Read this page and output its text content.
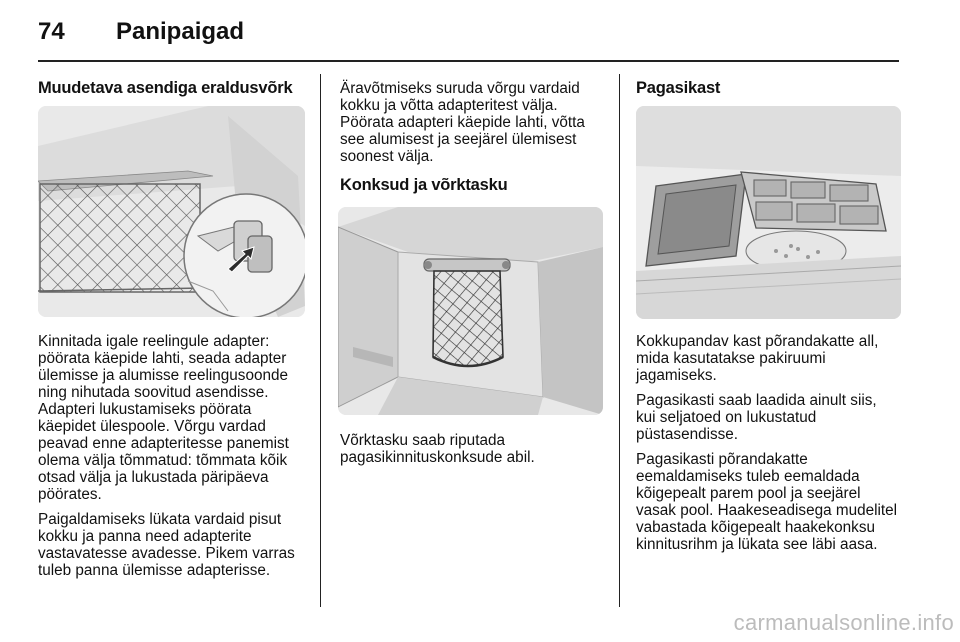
74 Panipaigad
Muudetava asendiga eraldusvõrk

Kinnitada igale reelingule adapter: pöörata käepide lahti, seada adapter ülemisse ja alumisse reelingusoonde ning nihutada soovitud asendisse. Adapteri lukustamiseks pöörata käepidet ülespoole. Võrgu vardad peavad enne adapteritesse panemist olema välja tõmmatud: tõmmata kõik otsad välja ja lukustada päripäeva pöörates.

Paigaldamiseks lükata vardaid pisut kokku ja panna need adapterite vastavatesse avadesse. Pikem varras tuleb panna ülemisse adapterisse.

Äravõtmiseks suruda võrgu vardaid kokku ja võtta adapteritest välja. Pöörata adapteri käepide lahti, võtta see alumisest ja seejärel ülemisest soonest välja.

Konksud ja võrktasku

Võrktasku saab riputada pagasikinnituskonksude abil.

Pagasikast

Kokkupandav kast põrandakatte all, mida kasutatakse pakiruumi jagamiseks.

Pagasikasti saab laadida ainult siis, kui seljatoed on lukustatud püstasendisse.

Pagasikasti põrandakatte eemaldamiseks tuleb eemaldada kõigepealt parem pool ja seejärel vasak pool. Haakeseadisega mudelitel vabastada kõigepealt haakekonksu kinnitusrihm ja lükata see läbi aasa.

carmanualsonline.info
